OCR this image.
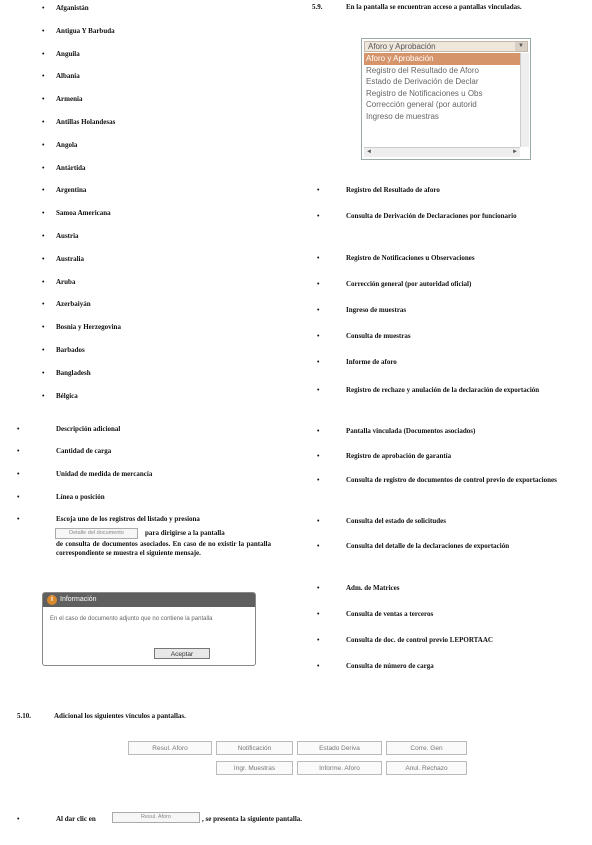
• Afganistán
• Antigua Y Barbuda
• Anguila
• Albania
• Armenia
• Antillas Holandesas
• Angola
• Antártida
• Argentina
• Samoa Americana
• Austria
• Australia
• Aruba
• Azerbaiyán
• Bosnia y Herzegovina
• Barbados
• Bangladesh
• Bélgica
•	Descripción adicional
•	Cantidad de carga
•	Unidad de medida de mercancía
•	Línea o posición
•	Escoja uno de los registros del listado y presiona
Detalle del documento	para dirigirse a la pantalla
de consulta de documentos asociados. En caso de no existir la pantalla correspondiente se muestra el siguiente mensaje.
i	Información
En el caso de documento adjunto que no contiene la pantalla
Aceptar
5.9.	En la pantalla se encuentran acceso a pantallas vinculadas.
Aforo y Aprobación	▼
Aforo y Aprobación
Registro del Resultado de Aforo
Estado de Derivación de Declar
Registro de Notificaciones u Obs
Corrección general (por autorid
Ingreso de muestras
◄	►
•	Registro del Resultado de aforo
•	Consulta de Derivación de Declaraciones por funcionario
•	Registro de Notificaciones u Observaciones
•	Corrección general (por autoridad oficial)
•	Ingreso de muestras
•	Consulta de muestras
•	Informe de aforo
•	Registro de rechazo y anulación de la declaración de exportación
•	Pantalla vinculada (Documentos asociados)
•	Registro de aprobación de garantía
•	Consulta de registro de documentos de control previo de exportaciones
•	Consulta del estado de solicitudes
•	Consulta del detalle de la declaraciones de exportación
•	Adm. de Matrices
•	Consulta de ventas a terceros
•	Consulta de doc. de control previo LEPORTAAC
•	Consulta de número de carga
5.10.	Adicional los siguientes vínculos a pantallas.
Resul. Aforo	Notificación	Estado Deriva	Corre. Gen
Ingr. Muestras	Informe. Aforo	Anul. Rechazo
•	Al dar clic en	Resul. Aforo	, se presenta la siguiente pantalla.
